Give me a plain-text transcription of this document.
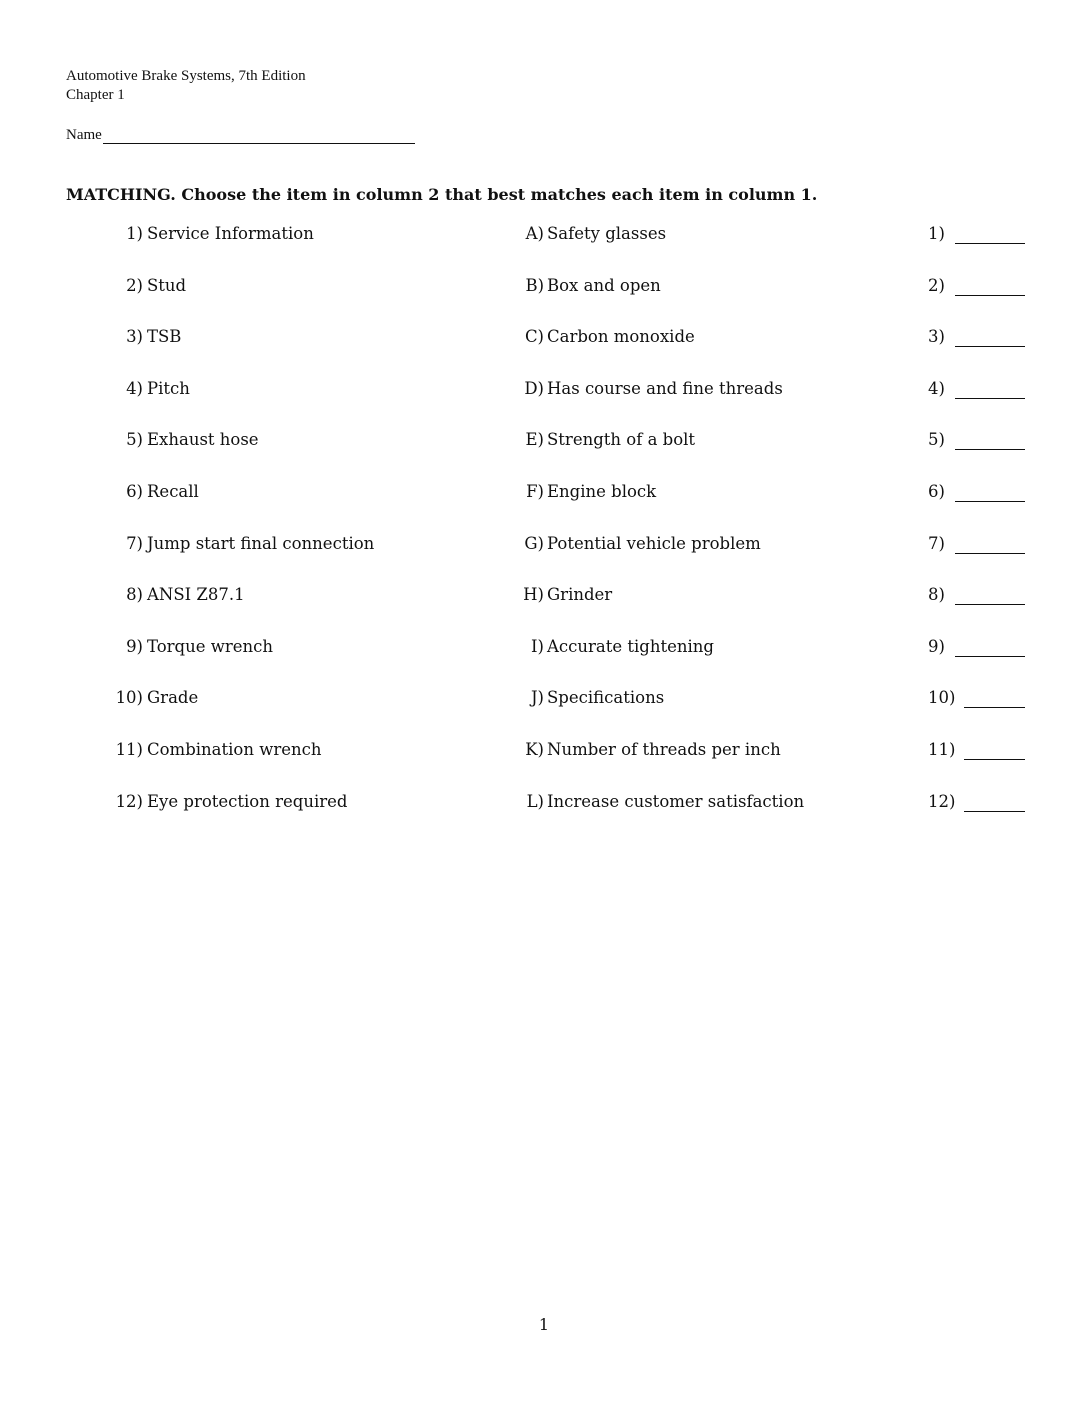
Automotive Brake Systems, 7th Edition
Chapter 1
Name
MATCHING. Choose the item in column 2 that best matches each item in column 1.
1) Service Information	A) Safety glasses	1)
2) Stud	B) Box and open	2)
3) TSB	C) Carbon monoxide	3)
4) Pitch	D) Has course and fine threads	4)
5) Exhaust hose	E) Strength of a bolt	5)
6) Recall	F) Engine block	6)
7) Jump start final connection	G) Potential vehicle problem	7)
8) ANSI Z87.1	H) Grinder	8)
9) Torque wrench	I) Accurate tightening	9)
10) Grade	J) Specifications	10)
11) Combination wrench	K) Number of threads per inch	11)
12) Eye protection required	L) Increase customer satisfaction	12)
1
